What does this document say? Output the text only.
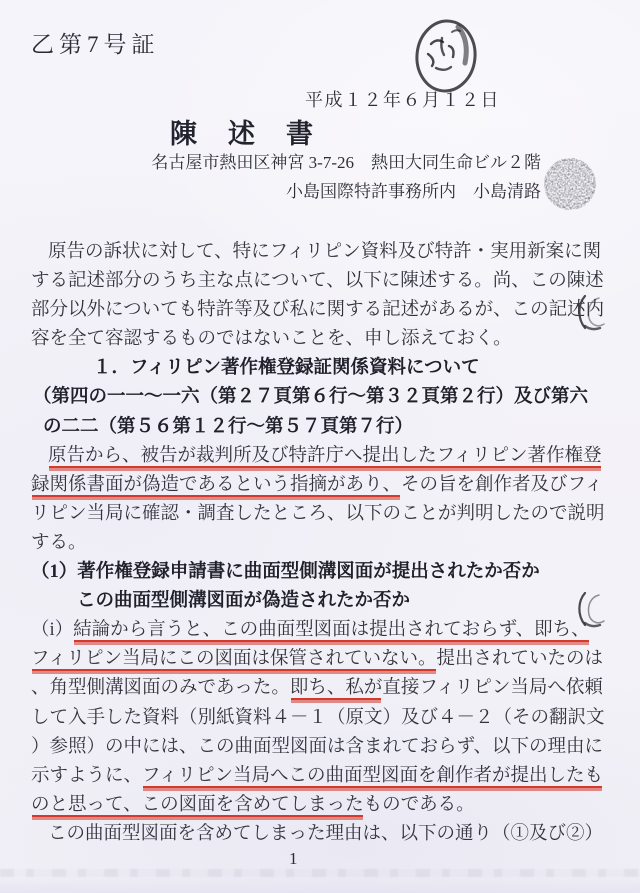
乙第7号証
平成１２年６月１２日
陳　述　書
名古屋市熱田区神宮 3-7-26　熱田大同生命ビル２階
小島国際特許事務所内　小島清路
原告の訴状に対して、特にフィリピン資料及び特許・実用新案に関
する記述部分のうち主な点について、以下に陳述する。尚、この陳述
部分以外についても特許等及び私に関する記述があるが、この記述内
容を全て容認するものではないことを、申し添えておく。
１．フィリピン著作権登録証関係資料について
（第四の一一～一六（第２７頁第６行～第３２頁第２行）及び第六
の二二（第５６第１２行～第５７頁第７行）
原告から、被告が裁判所及び特許庁へ提出したフィリピン著作権登
録関係書面が偽造であるという指摘があり、その旨を創作者及びフィ
リピン当局に確認・調査したところ、以下のことが判明したので説明
する。
（1）著作権登録申請書に曲面型側溝図面が提出されたか否か
この曲面型側溝図面が偽造されたか否か
（i）結論から言うと、この曲面型図面は提出されておらず、即ち、
フィリピン当局にこの図面は保管されていない。提出されていたのは
、角型側溝図面のみであった。即ち、私が直接フィリピン当局へ依頼
して入手した資料（別紙資料４－１（原文）及び４－２（その翻訳文
）参照）の中には、この曲面型図面は含まれておらず、以下の理由に
示すように、フィリピン当局へこの曲面型図面を創作者が提出したも
のと思って、この図面を含めてしまったものである。
この曲面型図面を含めてしまった理由は、以下の通り（①及び②）
1
